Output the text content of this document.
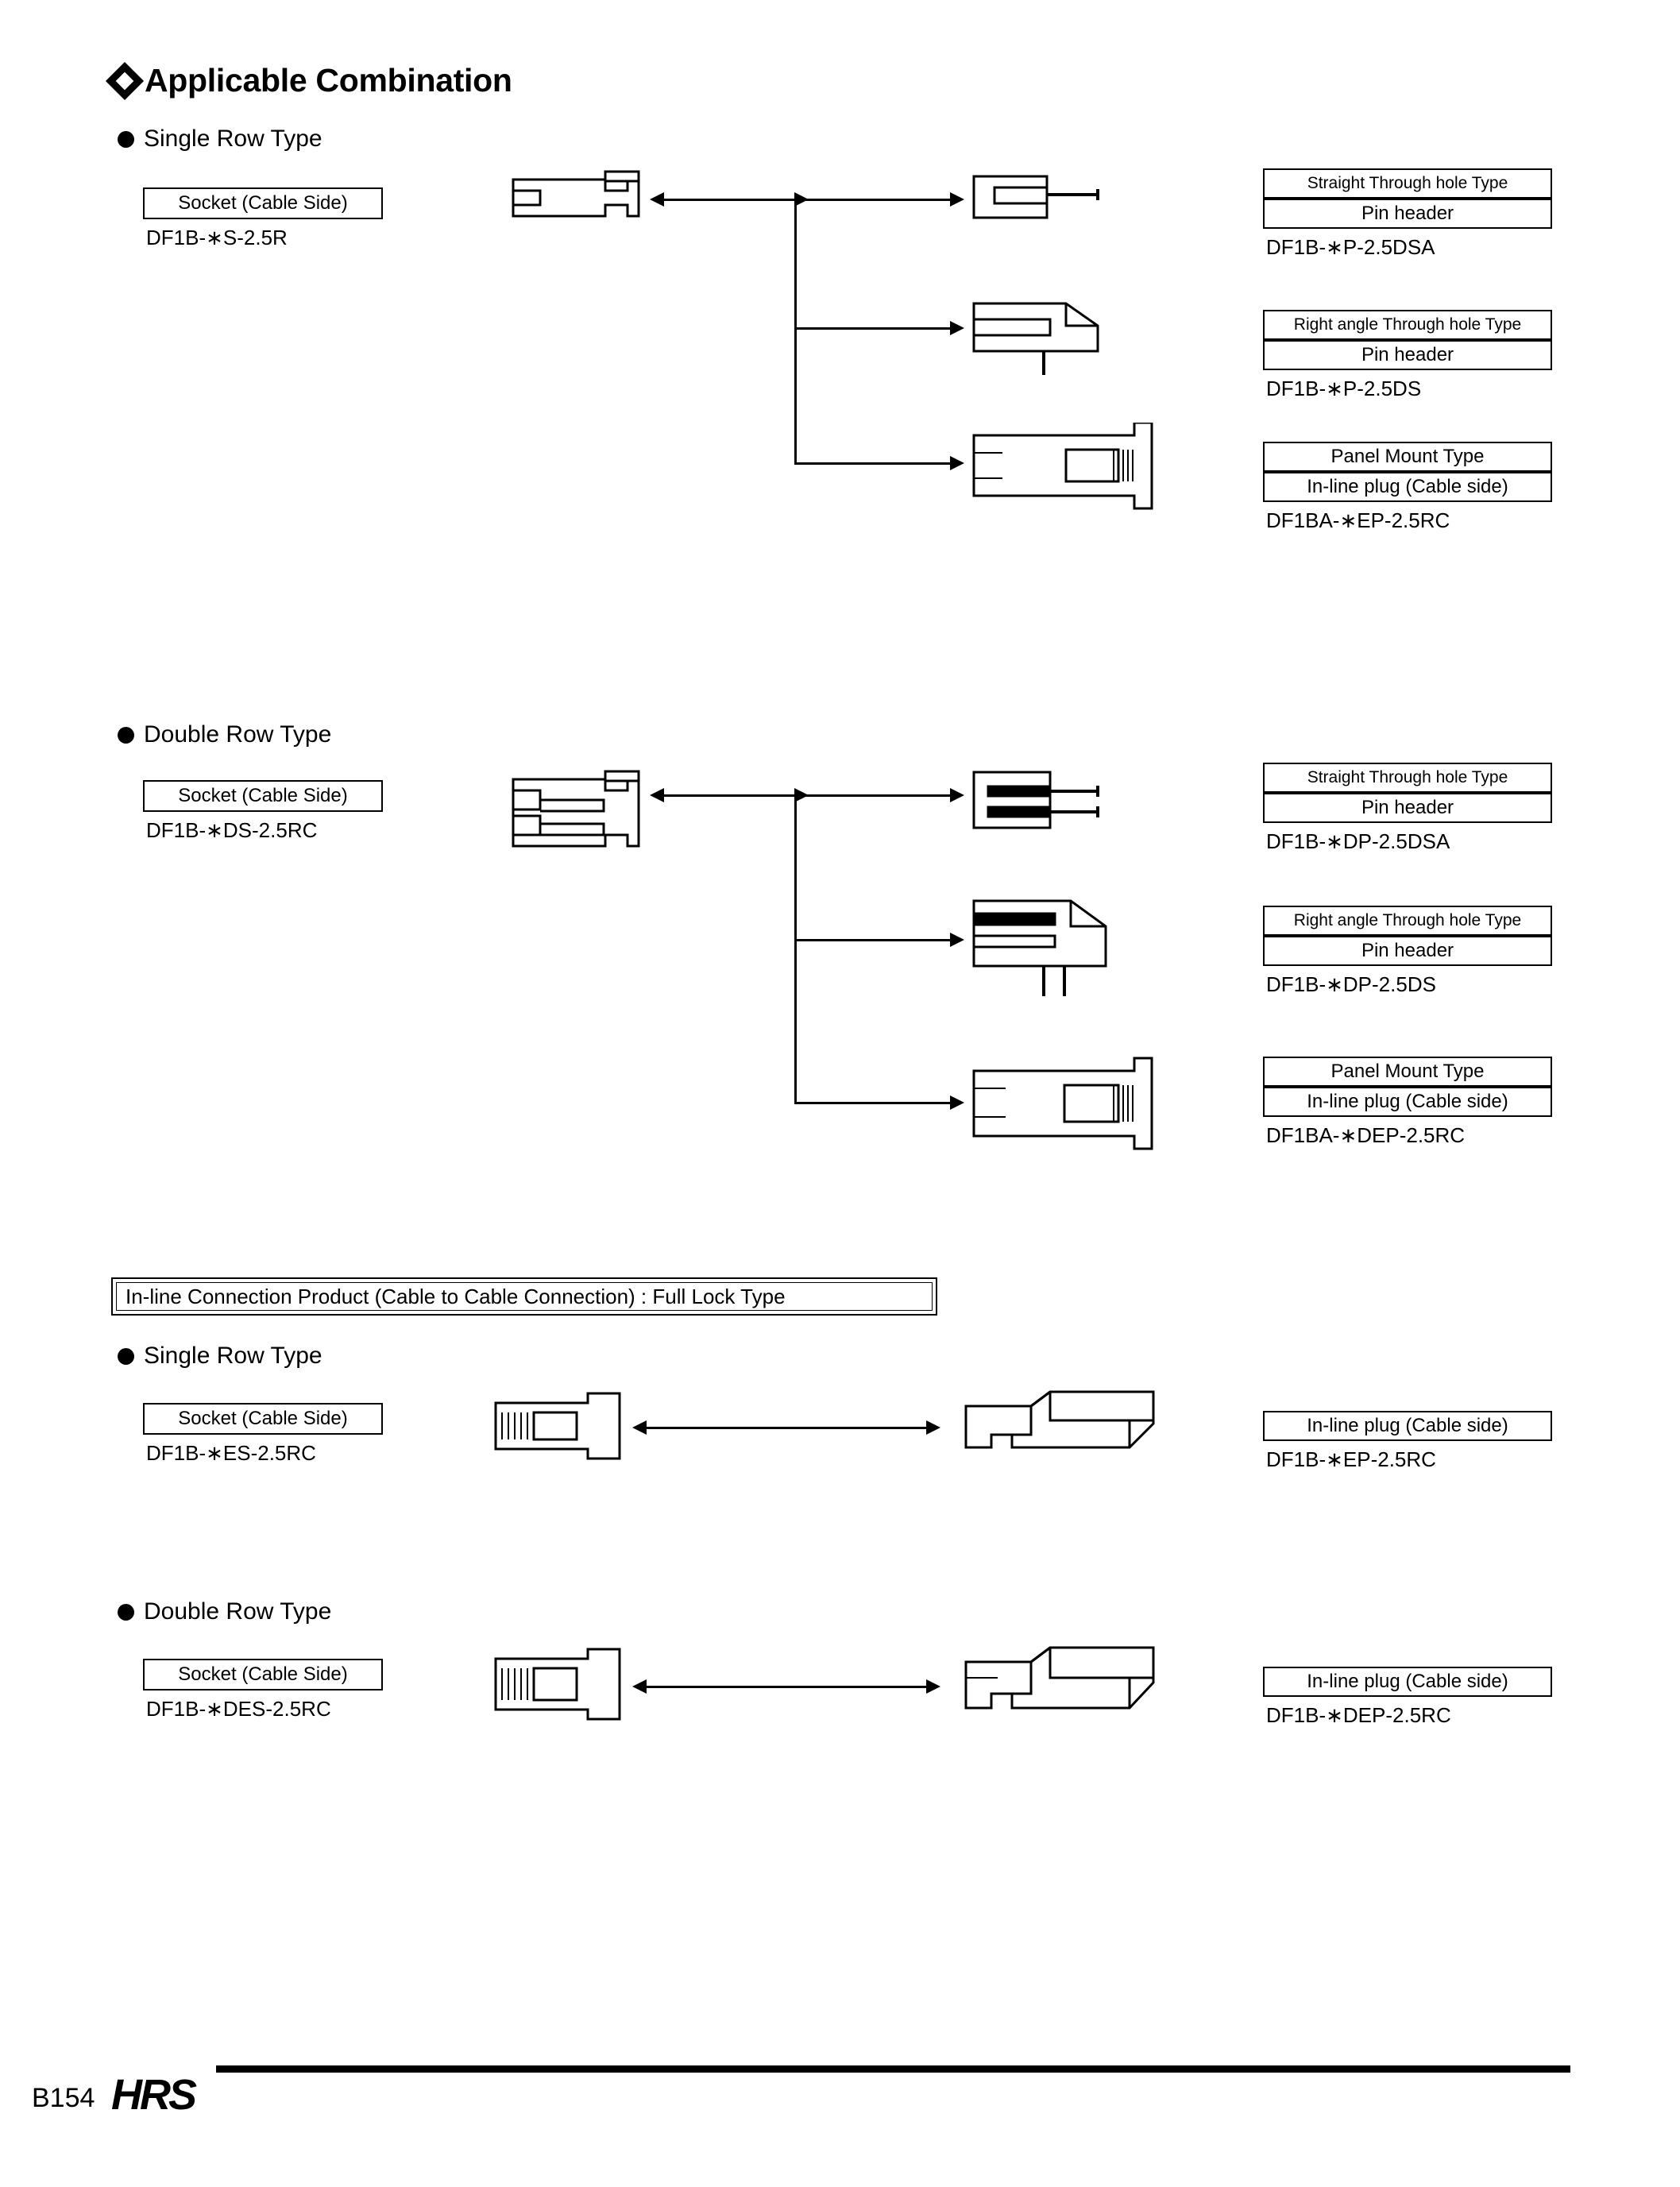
Applicable Combination
Single Row Type
Socket (Cable Side)
DF1B-∗S-2.5R
Straight Through hole Type
Pin header
DF1B-∗P-2.5DSA
Right angle Through hole Type
Pin header
DF1B-∗P-2.5DS
Panel Mount Type
In-line plug (Cable side)
DF1BA-∗EP-2.5RC
Double Row Type
Socket (Cable Side)
DF1B-∗DS-2.5RC
Straight Through hole Type
Pin header
DF1B-∗DP-2.5DSA
Right angle Through hole Type
Pin header
DF1B-∗DP-2.5DS
Panel Mount Type
In-line plug (Cable side)
DF1BA-∗DEP-2.5RC
In-line Connection Product (Cable to Cable Connection) : Full Lock Type
Single Row Type
Socket (Cable Side)
DF1B-∗ES-2.5RC
In-line plug (Cable side)
DF1B-∗EP-2.5RC
Double Row Type
Socket (Cable Side)
DF1B-∗DES-2.5RC
In-line plug (Cable side)
DF1B-∗DEP-2.5RC
B154 HRS
